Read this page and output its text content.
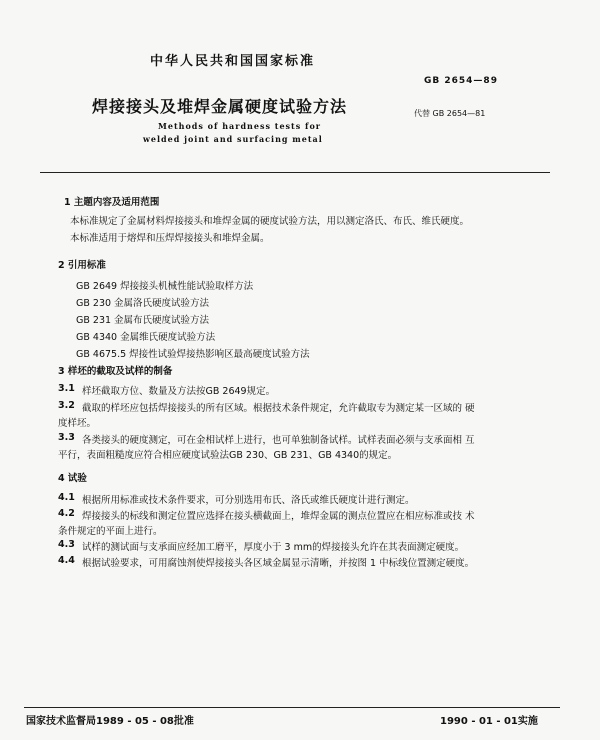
中华人民共和国国家标准
GB 2654—89
焊接接头及堆焊金属硬度试验方法	代替 GB 2654—81
Methods of hardness tests for
welded joint and surfacing metal
1 主题内容及适用范围
本标准规定了金属材料焊接接头和堆焊金属的硬度试验方法，用以测定洛氏、布氏、维氏硬度。
本标准适用于熔焊和压焊焊接接头和堆焊金属。
2 引用标准
GB 2649 焊接接头机械性能试验取样方法
GB 230 金属洛氏硬度试验方法
GB 231 金属布氏硬度试验方法
GB 4340 金属维氏硬度试验方法
GB 4675.5 焊接性试验焊接热影响区最高硬度试验方法
3 样坯的截取及试样的制备
3.1 样坯截取方位、数量及方法按GB 2649规定。
3.2 截取的样坯应包括焊接接头的所有区域。根据技术条件规定，允许截取专为测定某一区域的 硬
度样坯。
3.3 各类接头的硬度测定，可在金相试样上进行，也可单独制备试样。试样表面必须与支承面相 互
平行，表面粗糙度应符合相应硬度试验法GB 230、GB 231、GB 4340的规定。
4 试验
4.1 根据所用标准或技术条件要求，可分别选用布氏、洛氏或维氏硬度计进行测定。
4.2 焊接接头的标线和测定位置应选择在接头横截面上，堆焊金属的测点位置应在相应标准或技 术
条件规定的平面上进行。
4.3 试样的测试面与支承面应经加工磨平，厚度小于 3 mm的焊接接头允许在其表面测定硬度。
4.4 根据试验要求，可用腐蚀剂使焊接接头各区域金属显示清晰，并按图 1 中标线位置测定硬度。
国家技术监督局1989 - 05 - 08批准	1990 - 01 - 01实施
